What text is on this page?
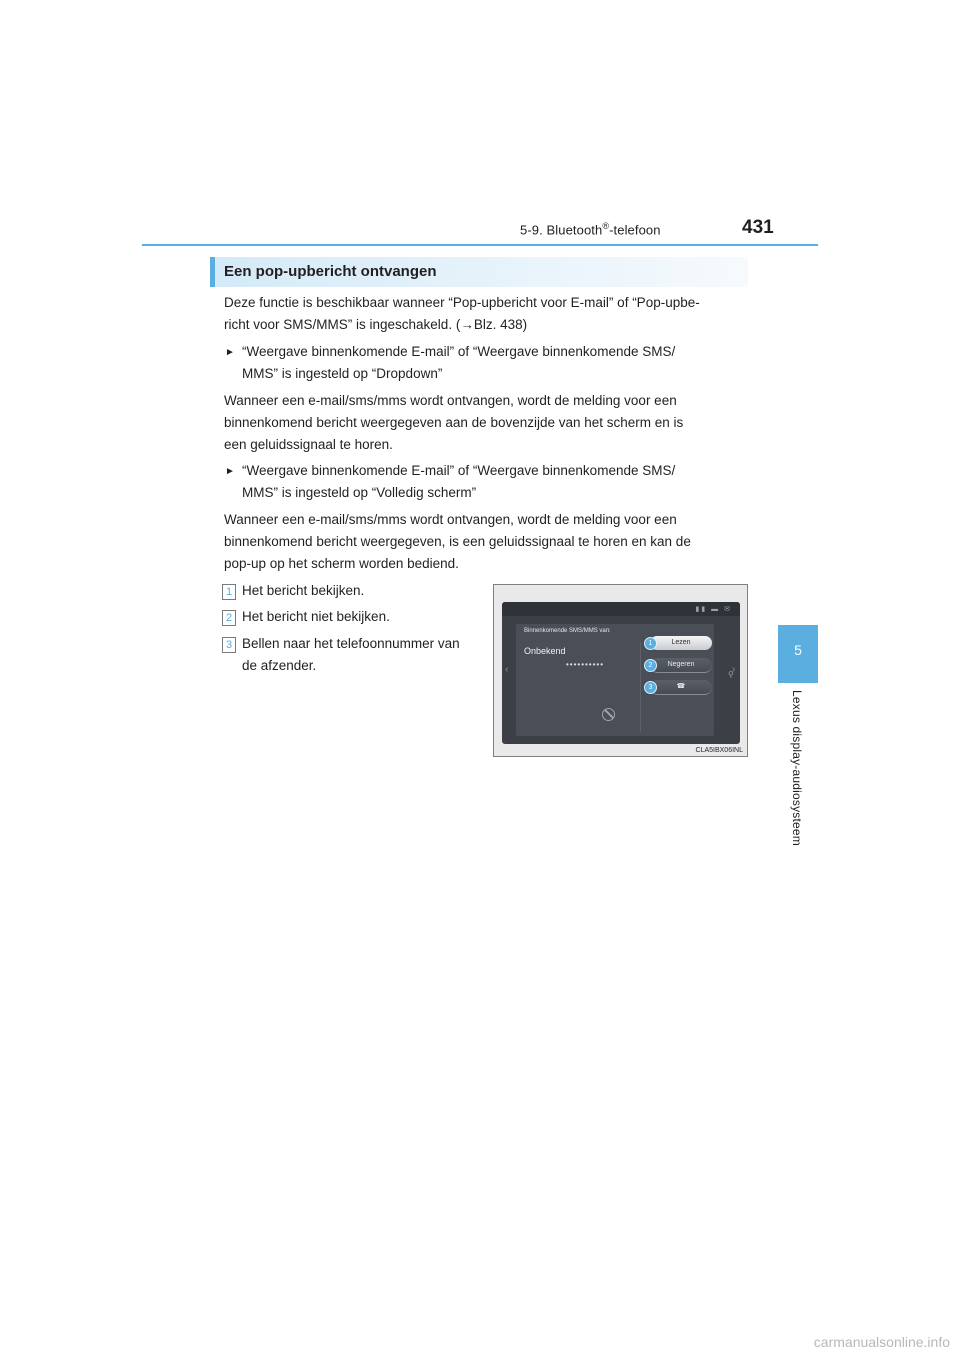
5-9. Bluetooth®-telefoon	431
5
Lexus display-audiosysteem
Een pop-upbericht ontvangen
Deze functie is beschikbaar wanneer “Pop-upbericht voor E-mail” of “Pop-upbe-
richt voor SMS/MMS” is ingeschakeld. (→Blz. 438)
► “Weergave binnenkomende E-mail” of “Weergave binnenkomende SMS/
MMS” is ingesteld op “Dropdown”
Wanneer een e-mail/sms/mms wordt ontvangen, wordt de melding voor een
binnenkomend bericht weergegeven aan de bovenzijde van het scherm en is
een geluidssignaal te horen.
► “Weergave binnenkomende E-mail” of “Weergave binnenkomende SMS/
MMS” is ingesteld op “Volledig scherm”
Wanneer een e-mail/sms/mms wordt ontvangen, wordt de melding voor een
binnenkomend bericht weergegeven, is een geluidssignaal te horen en kan de
pop-up op het scherm worden bediend.
1 Het bericht bekijken.
2 Het bericht niet bekijken.
3 Bellen naar het telefoonnummer van
de afzender.
▮▮ ▬ ✉
‹	›
⚲
Binnenkomende SMS/MMS van:
Onbekend
••••••••••
Lezen
1
Negeren
2
☎
3
CLA5IBX06INL
carmanualsonline.info
